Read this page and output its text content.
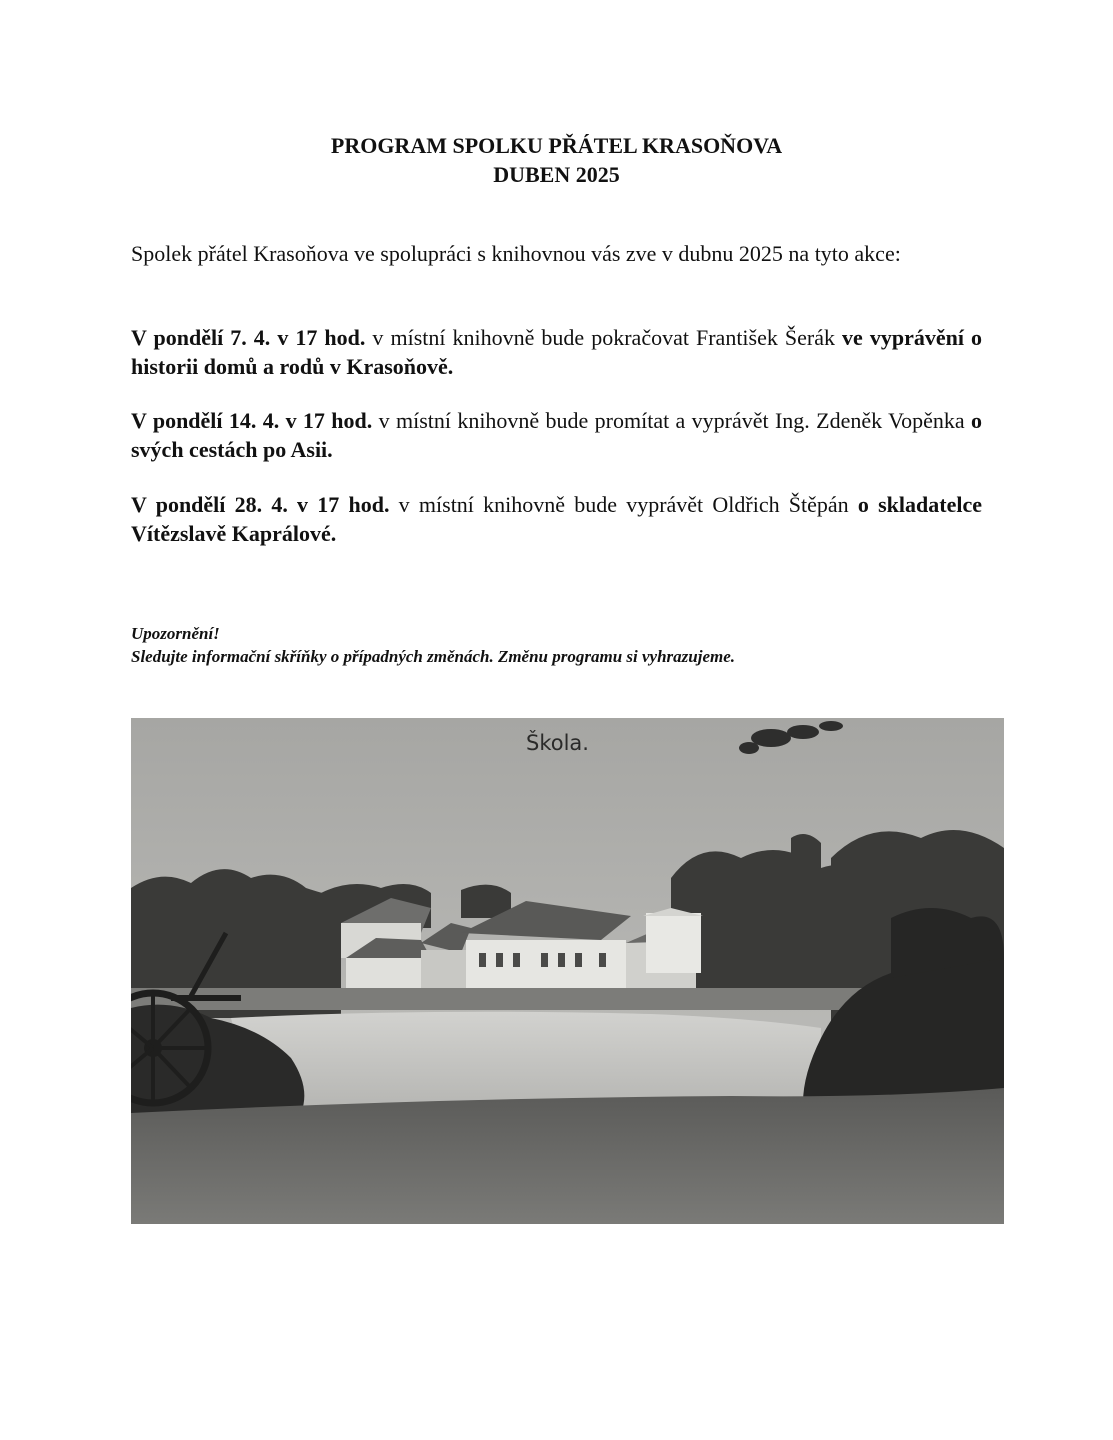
PROGRAM SPOLKU PŘÁTEL KRASOŇOVA
DUBEN 2025

Spolek přátel Krasoňova ve spolupráci s knihovnou vás zve v dubnu 2025 na tyto akce:

V pondělí 7. 4. v 17 hod. v místní knihovně bude pokračovat František Šerák ve vyprávění o historii domů a rodů v Krasoňově.

V pondělí 14. 4. v 17 hod. v místní knihovně bude promítat a vyprávět Ing. Zdeněk Vopěnka o svých cestách po Asii.

V pondělí 28. 4. v 17 hod. v místní knihovně bude vyprávět Oldřich Štěpán o skladatelce Vítězslavě Kaprálové.

Upozornění!
Sledujte informační skříňky o případných změnách. Změnu programu si vyhrazujeme.
Škola.
